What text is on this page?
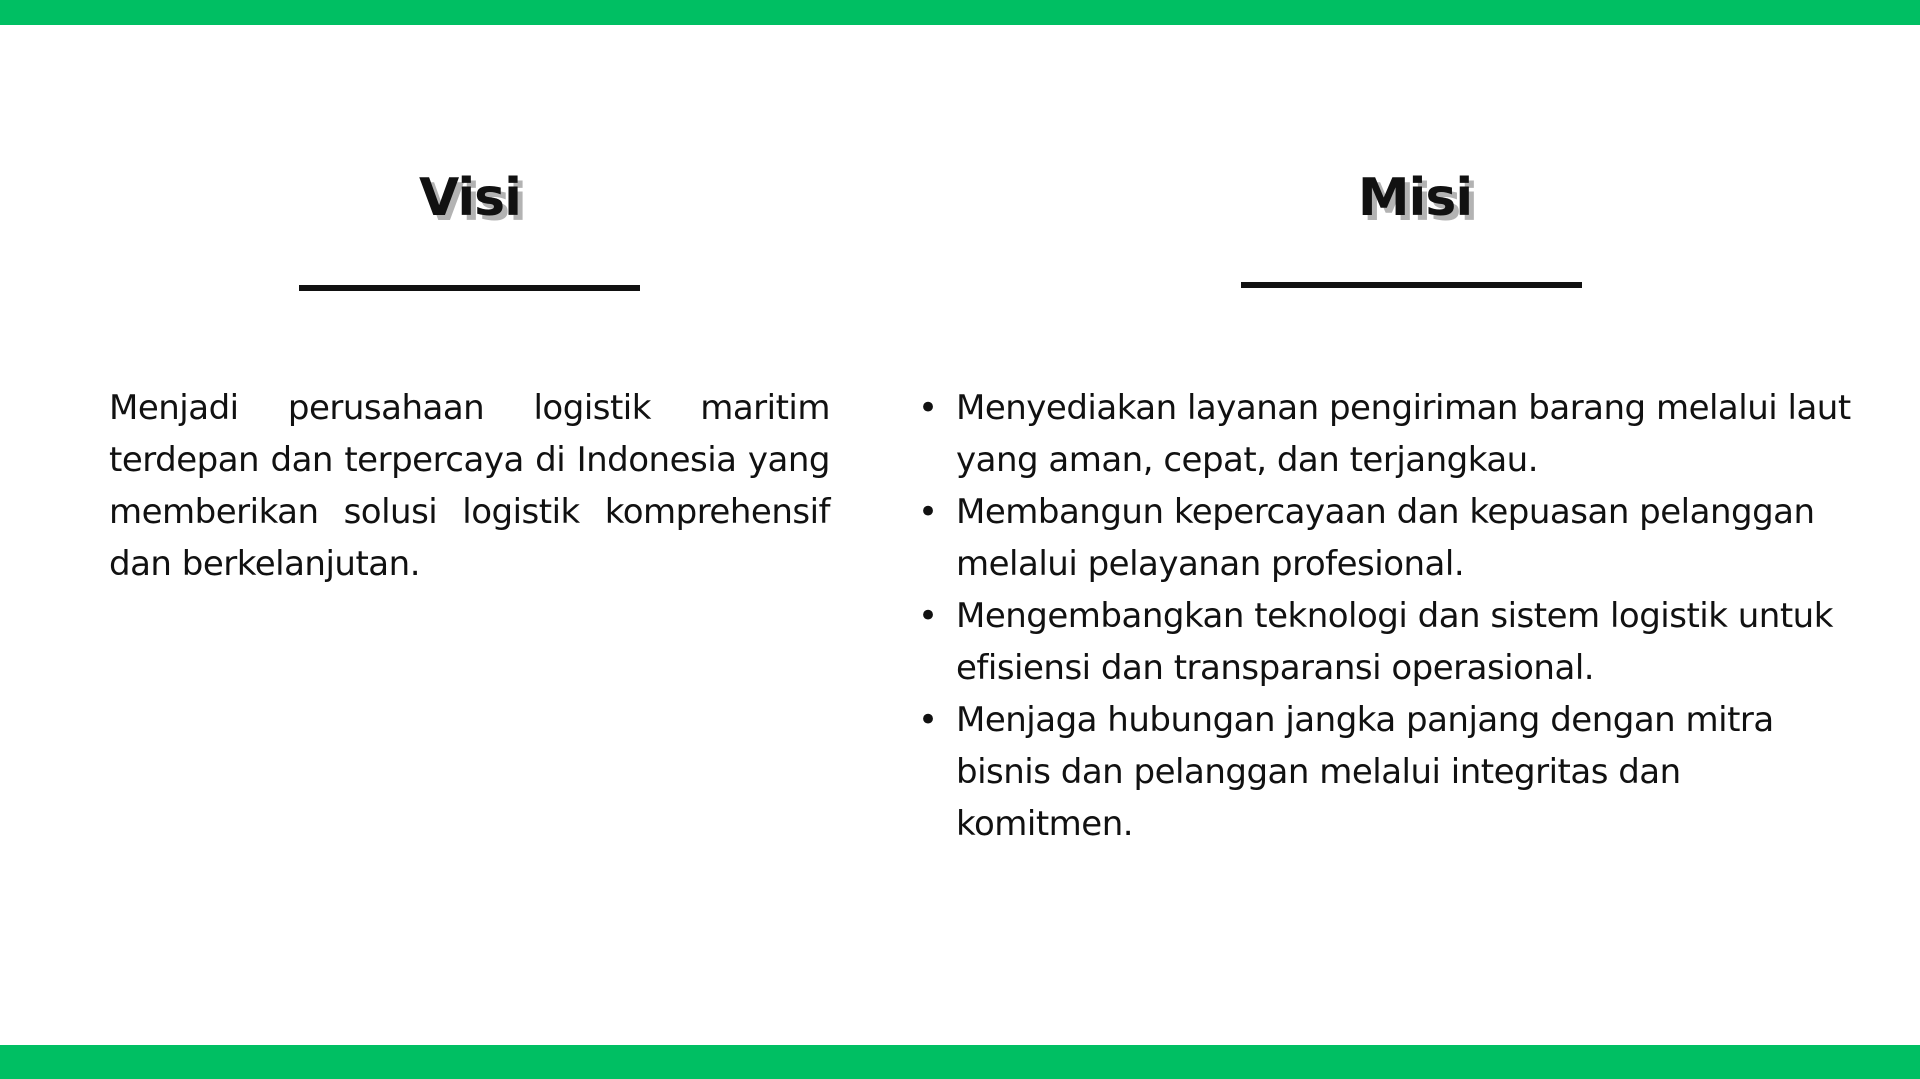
Visi

Menjadi perusahaan logistik maritim terdepan dan terpercaya di Indonesia yang memberikan solusi logistik komprehensif dan berkelanjutan.

Misi
• Menyediakan layanan pengiriman barang melalui laut yang aman, cepat, dan terjangkau.
• Membangun kepercayaan dan kepuasan pelanggan melalui pelayanan profesional.
• Mengembangkan teknologi dan sistem logistik untuk efisiensi dan transparansi operasional.
• Menjaga hubungan jangka panjang dengan mitra bisnis dan pelanggan melalui integritas dan komitmen.
